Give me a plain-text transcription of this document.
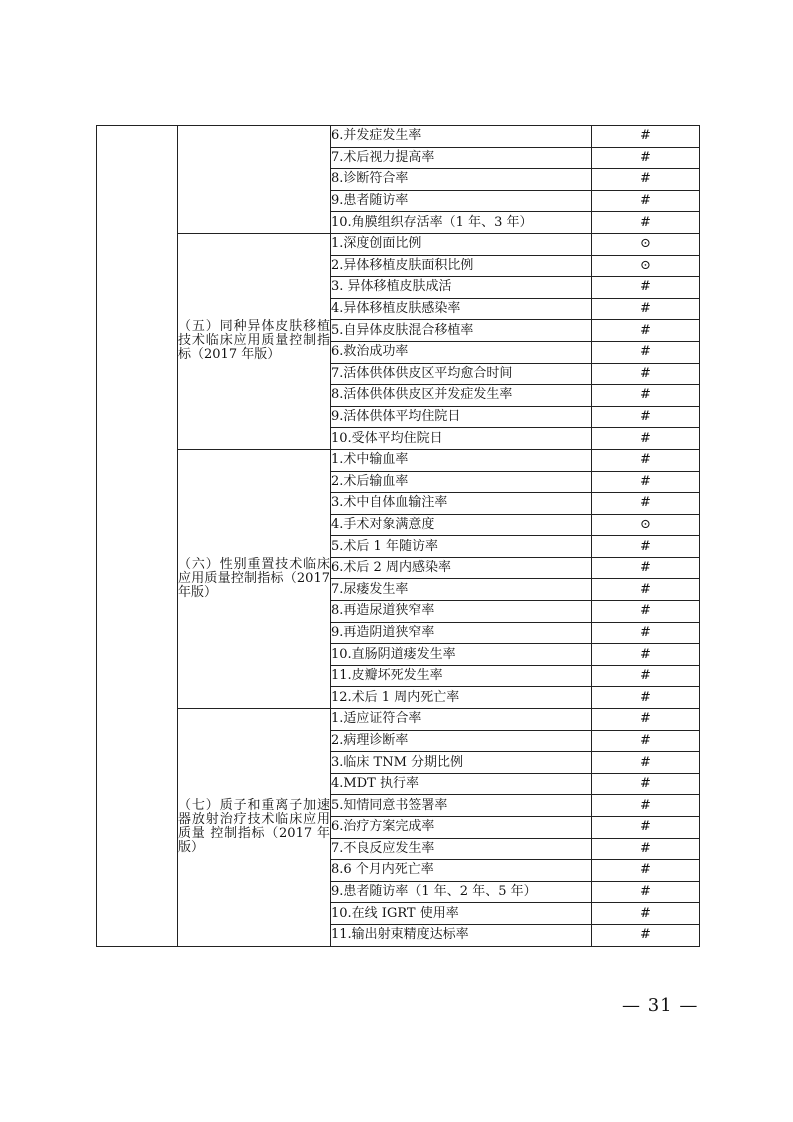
		6.并发症发生率	#
		7.术后视力提高率	#
		8.诊断符合率	#
		9.患者随访率	#
		10.角膜组织存活率（1 年、3 年）	#
	（五）同种异体皮肤移植技术临床应用质量控制指标（2017 年版）	1.深度创面比例	⊙
		2.异体移植皮肤面积比例	⊙
		3. 异体移植皮肤成活	#
		4.异体移植皮肤感染率	#
		5.自异体皮肤混合移植率	#
		6.救治成功率	#
		7.活体供体供皮区平均愈合时间	#
		8.活体供体供皮区并发症发生率	#
		9.活体供体平均住院日	#
		10.受体平均住院日	#
	（六）性别重置技术临床应用质量控制指标（2017 年版）	1.术中输血率	#
		2.术后输血率	#
		3.术中自体血输注率	#
		4.手术对象满意度	⊙
		5.术后 1 年随访率	#
		6.术后 2 周内感染率	#
		7.尿瘘发生率	#
		8.再造尿道狭窄率	#
		9.再造阴道狭窄率	#
		10.直肠阴道瘘发生率	#
		11.皮瓣坏死发生率	#
		12.术后 1 周内死亡率	#
	（七）质子和重离子加速器放射治疗技术临床应用质量 控制指标（2017 年版）	1.适应证符合率	#
		2.病理诊断率	#
		3.临床 TNM 分期比例	#
		4.MDT 执行率	#
		5.知情同意书签署率	#
		6.治疗方案完成率	#
		7.不良反应发生率	#
		8.6 个月内死亡率	#
		9.患者随访率（1 年、2 年、5 年）	#
		10.在线 IGRT 使用率	#
		11.输出射束精度达标率	#
— 31 —
